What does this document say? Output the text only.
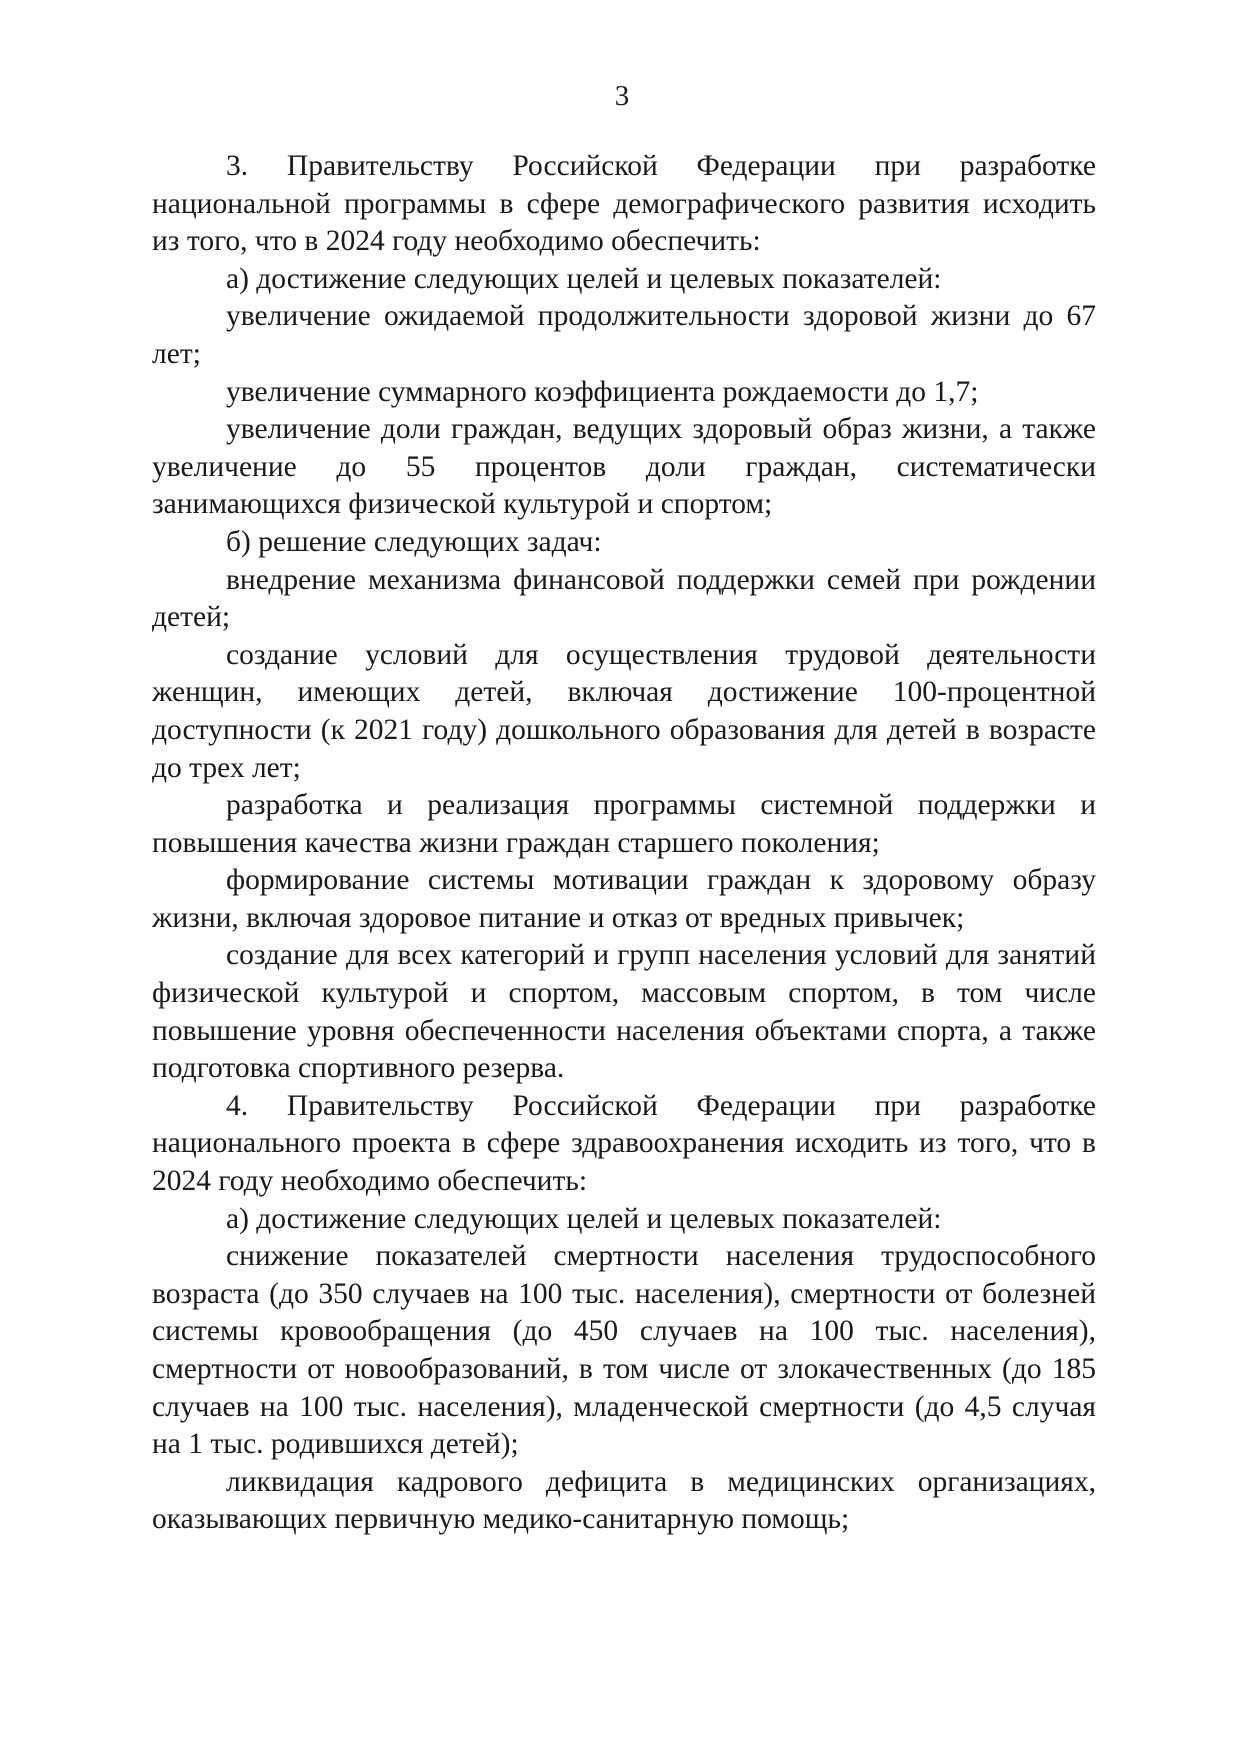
3

3. Правительству Российской Федерации при разработке национальной программы в сфере демографического развития исходить из того, что в 2024 году необходимо обеспечить:

а) достижение следующих целей и целевых показателей:

увеличение ожидаемой продолжительности здоровой жизни до 67 лет;

увеличение суммарного коэффициента рождаемости до 1,7;

увеличение доли граждан, ведущих здоровый образ жизни, а также увеличение до 55 процентов доли граждан, систематически занимающихся физической культурой и спортом;

б) решение следующих задач:

внедрение механизма финансовой поддержки семей при рождении детей;

создание условий для осуществления трудовой деятельности женщин, имеющих детей, включая достижение 100-процентной доступности (к 2021 году) дошкольного образования для детей в возрасте до трех лет;

разработка и реализация программы системной поддержки и повышения качества жизни граждан старшего поколения;

формирование системы мотивации граждан к здоровому образу жизни, включая здоровое питание и отказ от вредных привычек;

создание для всех категорий и групп населения условий для занятий физической культурой и спортом, массовым спортом, в том числе повышение уровня обеспеченности населения объектами спорта, а также подготовка спортивного резерва.

4. Правительству Российской Федерации при разработке национального проекта в сфере здравоохранения исходить из того, что в 2024 году необходимо обеспечить:

а) достижение следующих целей и целевых показателей:

снижение показателей смертности населения трудоспособного возраста (до 350 случаев на 100 тыс. населения), смертности от болезней системы кровообращения (до 450 случаев на 100 тыс. населения), смертности от новообразований, в том числе от злокачественных (до 185 случаев на 100 тыс. населения), младенческой смертности (до 4,5 случая на 1 тыс. родившихся детей);

ликвидация кадрового дефицита в медицинских организациях, оказывающих первичную медико-санитарную помощь;
